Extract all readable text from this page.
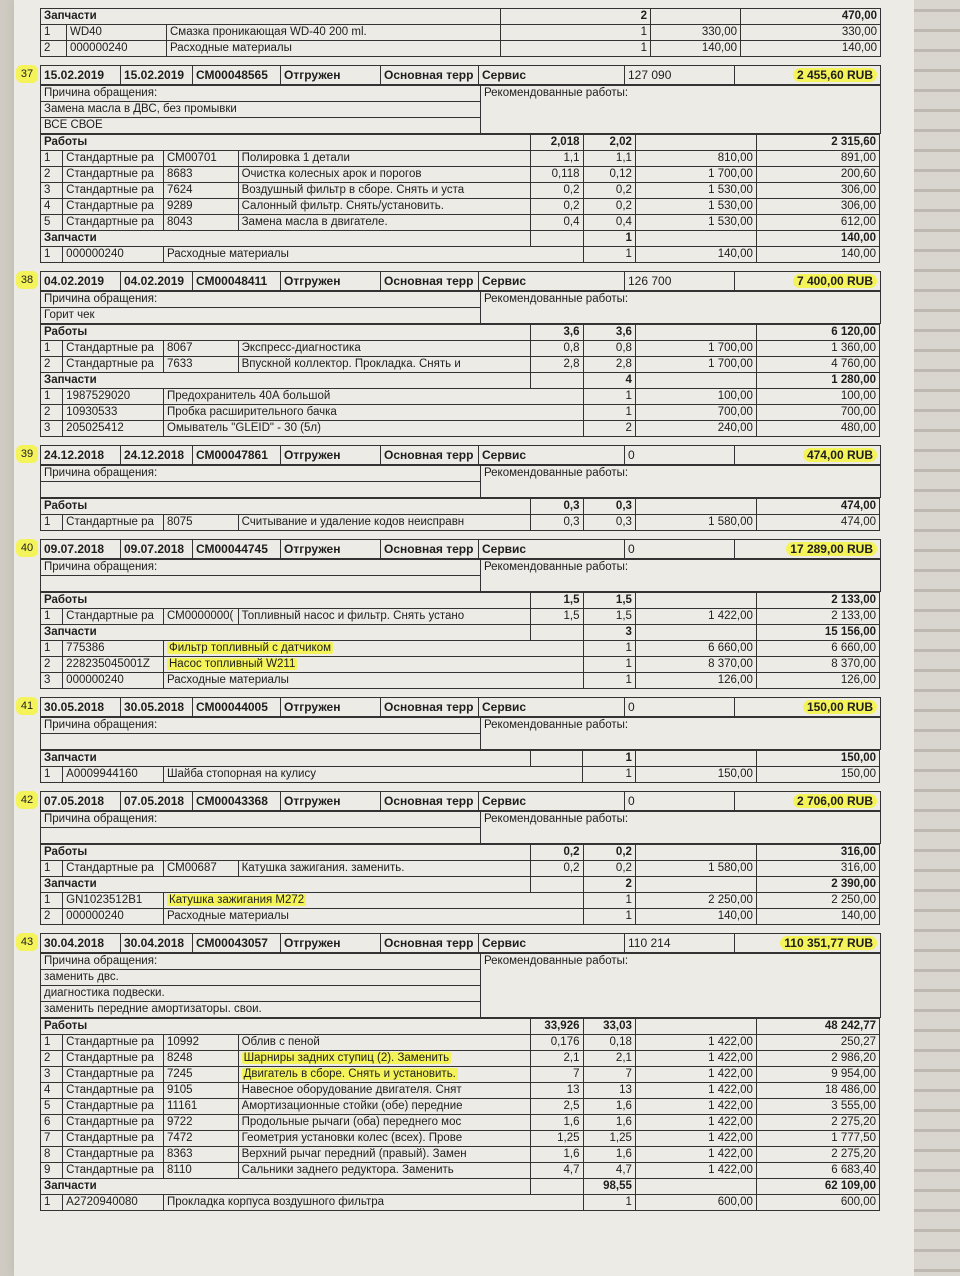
Запчасти			2		470,00
1	WD40	Смазка проникающая WD-40 200 ml.	1	330,00	330,00
2	000000240	Расходные материалы	1	140,00	140,00
37 15.02.2019	15.02.2019	СМ00048565	Отгружен	Основная терр	Сервис	127 090	2 455,60 RUB
Причина обращения:	Рекомендованные работы:
Замена масла в ДВС, без промывки
ВСЕ СВОЕ
Работы				2,018	2,02		2 315,60
1	Стандартные ра	СМ00701	Полировка 1 детали	1,1	1,1	810,00	891,00
2	Стандартные ра	8683	Очистка колесных арок и порогов	0,118	0,12	1 700,00	200,60
3	Стандартные ра	7624	Воздушный фильтр в сборе. Снять и уста	0,2	0,2	1 530,00	306,00
4	Стандартные ра	9289	Салонный фильтр. Снять/установить.	0,2	0,2	1 530,00	306,00
5	Стандартные ра	8043	Замена масла в двигателе.	0,4	0,4	1 530,00	612,00
Запчасти					1		140,00
1	000000240	Расходные материалы			1	140,00	140,00
38 04.02.2019	04.02.2019	СМ00048411	Отгружен	Основная терр	Сервис	126 700	7 400,00 RUB
Причина обращения:	Рекомендованные работы:
Горит чек
Работы				3,6	3,6		6 120,00
1	Стандартные ра	8067	Экспресс-диагностика	0,8	0,8	1 700,00	1 360,00
2	Стандартные ра	7633	Впускной коллектор. Прокладка. Снять и	2,8	2,8	1 700,00	4 760,00
Запчасти					4		1 280,00
1	1987529020	Предохранитель 40А большой			1	100,00	100,00
2	10930533	Пробка расширительного бачка			1	700,00	700,00
3	205025412	Омыватель "GLEID" - 30 (5л)			2	240,00	480,00
39 24.12.2018	24.12.2018	СМ00047861	Отгружен	Основная терр	Сервис	0	474,00 RUB
Причина обращения:	Рекомендованные работы:

Работы				0,3	0,3		474,00
1	Стандартные ра	8075	Считывание и удаление кодов неисправн	0,3	0,3	1 580,00	474,00
40 09.07.2018	09.07.2018	СМ00044745	Отгружен	Основная терр	Сервис	0	17 289,00 RUB
Причина обращения:	Рекомендованные работы:

Работы				1,5	1,5		2 133,00
1	Стандартные ра	СМ0000000(	Топливный насос и фильтр. Снять устано	1,5	1,5	1 422,00	2 133,00
Запчасти					3		15 156,00
1	775386	Фильтр топливный с датчиком			1	6 660,00	6 660,00
2	228235045001Z	Насос топливный W211			1	8 370,00	8 370,00
3	000000240	Расходные материалы			1	126,00	126,00
41 30.05.2018	30.05.2018	СМ00044005	Отгружен	Основная терр	Сервис	0	150,00 RUB
Причина обращения:	Рекомендованные работы:

Запчасти				1		150,00
1	A0009944160	Шайба стопорная на кулису		1	150,00	150,00
42 07.05.2018	07.05.2018	СМ00043368	Отгружен	Основная терр	Сервис	0	2 706,00 RUB
Причина обращения:	Рекомендованные работы:

Работы				0,2	0,2		316,00
1	Стандартные ра	СМ00687	Катушка зажигания. заменить.	0,2	0,2	1 580,00	316,00
Запчасти					2		2 390,00
1	GN1023512B1	Катушка зажигания М272			1	2 250,00	2 250,00
2	000000240	Расходные материалы			1	140,00	140,00
43 30.04.2018	30.04.2018	СМ00043057	Отгружен	Основная терр	Сервис	110 214	110 351,77 RUB
Причина обращения:	Рекомендованные работы:
заменить двс.
диагностика подвески.
заменить передние амортизаторы. свои.
Работы				33,926	33,03		48 242,77
1	Стандартные ра	10992	Облив с пеной	0,176	0,18	1 422,00	250,27
2	Стандартные ра	8248	Шарниры задних ступиц (2). Заменить	2,1	2,1	1 422,00	2 986,20
3	Стандартные ра	7245	Двигатель в сборе. Снять и установить.	7	7	1 422,00	9 954,00
4	Стандартные ра	9105	Навесное оборудование двигателя. Снят	13	13	1 422,00	18 486,00
5	Стандартные ра	11161	Амортизационные стойки (обе) передние	2,5	1,6	1 422,00	3 555,00
6	Стандартные ра	9722	Продольные рычаги (оба) переднего мос	1,6	1,6	1 422,00	2 275,20
7	Стандартные ра	7472	Геометрия установки колес (всех). Прове	1,25	1,25	1 422,00	1 777,50
8	Стандартные ра	8363	Верхний рычаг передний (правый). Замен	1,6	1,6	1 422,00	2 275,20
9	Стандартные ра	8110	Сальники заднего редуктора. Заменить	4,7	4,7	1 422,00	6 683,40
Запчасти					98,55		62 109,00
1	A2720940080	Прокладка корпуса воздушного фильтра			1	600,00	600,00
